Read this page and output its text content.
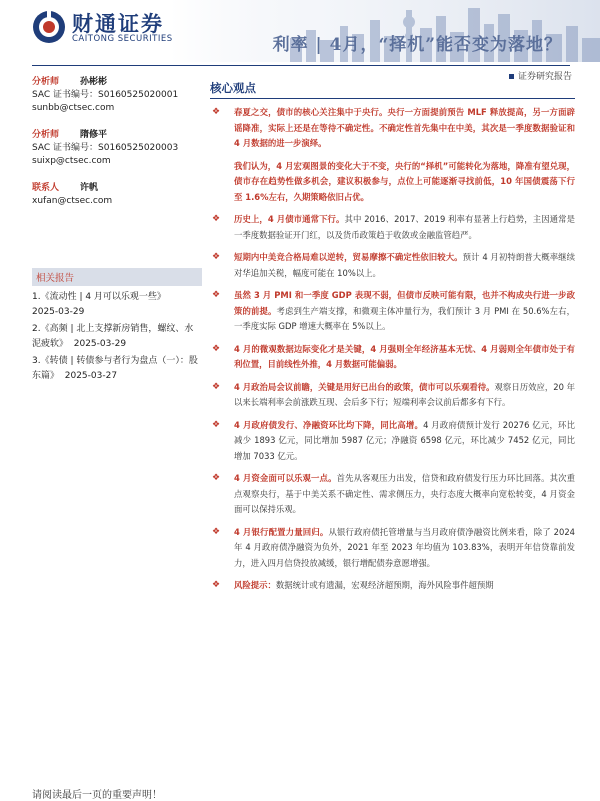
财通证券
CAITONG SECURITIES	利率 | 4月，“择机”能否变为落地？
证券研究报告
分析师 孙彬彬
SAC 证书编号：S0160525020001
sunbb@ctsec.com
分析师 隋修平
SAC 证书编号：S0160525020003
suixp@ctsec.com
联系人 许帆
xufan@ctsec.com
相关报告
1.《流动性 | 4 月可以乐观一些》
2025-03-29
2.《高频 | 北上支撑新房销售，螺纹、水泥疲软》 2025-03-29
3.《转债 | 转债参与者行为盘点（一）：股东篇》 2025-03-27
核心观点
❖ 春夏之交，债市的核心关注集中于央行。央行一方面提前预告 MLF 释放提高，另一方面辟谣降准，实际上还是在等待不确定性。不确定性首先集中在中美，其次是一季度数据验证和 4 月数据的进一步演绎。
我们认为，4 月宏观图景的变化大于不变，央行的“择机”可能转化为落地，降准有望兑现，债市存在趋势性做多机会，建议积极参与，点位上可能逐渐寻找前低，10 年国债震荡下行至 1.6%左右，久期策略依旧占优。
❖ 历史上，4 月债市通常下行。其中 2016、2017、2019 利率有显著上行趋势，主因通常是一季度数据验证开门红，以及货币政策趋于收敛或金融监管趋严。
❖ 短期内中美竞合格局难以逆转，贸易摩擦不确定性依旧较大。预计 4 月初特朗普大概率继续对华追加关税，幅度可能在 10%以上。
❖ 虽然 3 月 PMI 和一季度 GDP 表现不弱，但债市反映可能有限，也并不构成央行进一步政策的前提。考虑到生产端支撑，和微观主体冲量行为，我们预计 3 月 PMI 在 50.6%左右，一季度实际 GDP 增速大概率在 5%以上。
❖ 4 月的微观数据边际变化才是关键，4 月强则全年经济基本无忧、4 月弱则全年债市处于有利位置，目前线性外推，4 月数据可能偏弱。
❖ 4 月政治局会议前瞻，关键是用好已出台的政策，债市可以乐观看待。观察日历效应，20 年以来长端利率会前涨跌互现、会后多下行；短端利率会议前后都多有下行。
❖ 4 月政府债发行、净融资环比均下降，同比高增。4 月政府债预计发行 20276 亿元，环比减少 1893 亿元，同比增加 5987 亿元；净融资 6598 亿元，环比减少 7452 亿元，同比增加 7033 亿元。
❖ 4 月资金面可以乐观一点。首先从客观压力出发，信贷和政府债发行压力环比回落。其次重点观察央行，基于中美关系不确定性、需求侧压力，央行态度大概率向宽松转变，4 月资金面可以保持乐观。
❖ 4 月银行配置力量回归。从银行政府债托管增量与当月政府债净融资比例来看，除了 2024 年 4 月政府债净融资为负外，2021 年至 2023 年均值为 103.83%，表明开年信贷靠前发力，进入四月信贷投放减缓，银行增配债券意愿增强。
❖ 风险提示：数据统计或有遗漏，宏观经济超预期，海外风险事件超预期
请阅读最后一页的重要声明！
